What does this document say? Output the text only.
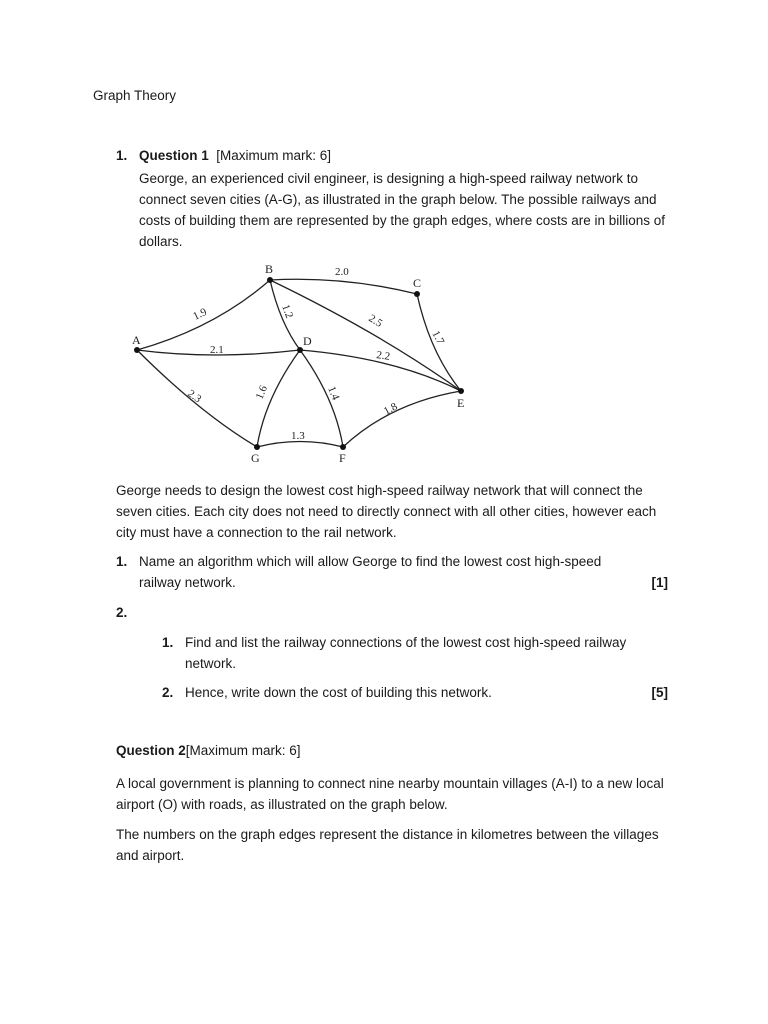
Graph Theory
1. Question 1 [Maximum mark: 6]
George, an experienced civil engineer, is designing a high-speed railway network to connect seven cities (A-G), as illustrated in the graph below. The possible railways and costs of building them are represented by the graph edges, where costs are in billions of dollars.
A
B
C
D
E
F
G
1.9
2.1
2.3
2.0
1.2
2.5
1.7
2.2
1.6	1.4
1.3
1.8
George needs to design the lowest cost high-speed railway network that will connect the seven cities. Each city does not need to directly connect with all other cities, however each city must have a connection to the rail network.
1. Name an algorithm which will allow George to find the lowest cost high-speed railway network.	[1]
2.
1. Find and list the railway connections of the lowest cost high-speed railway network.
2. Hence, write down the cost of building this network.	[5]
Question 2[Maximum mark: 6]
A local government is planning to connect nine nearby mountain villages (A-I) to a new local airport (O) with roads, as illustrated on the graph below.
The numbers on the graph edges represent the distance in kilometres between the villages and airport.
